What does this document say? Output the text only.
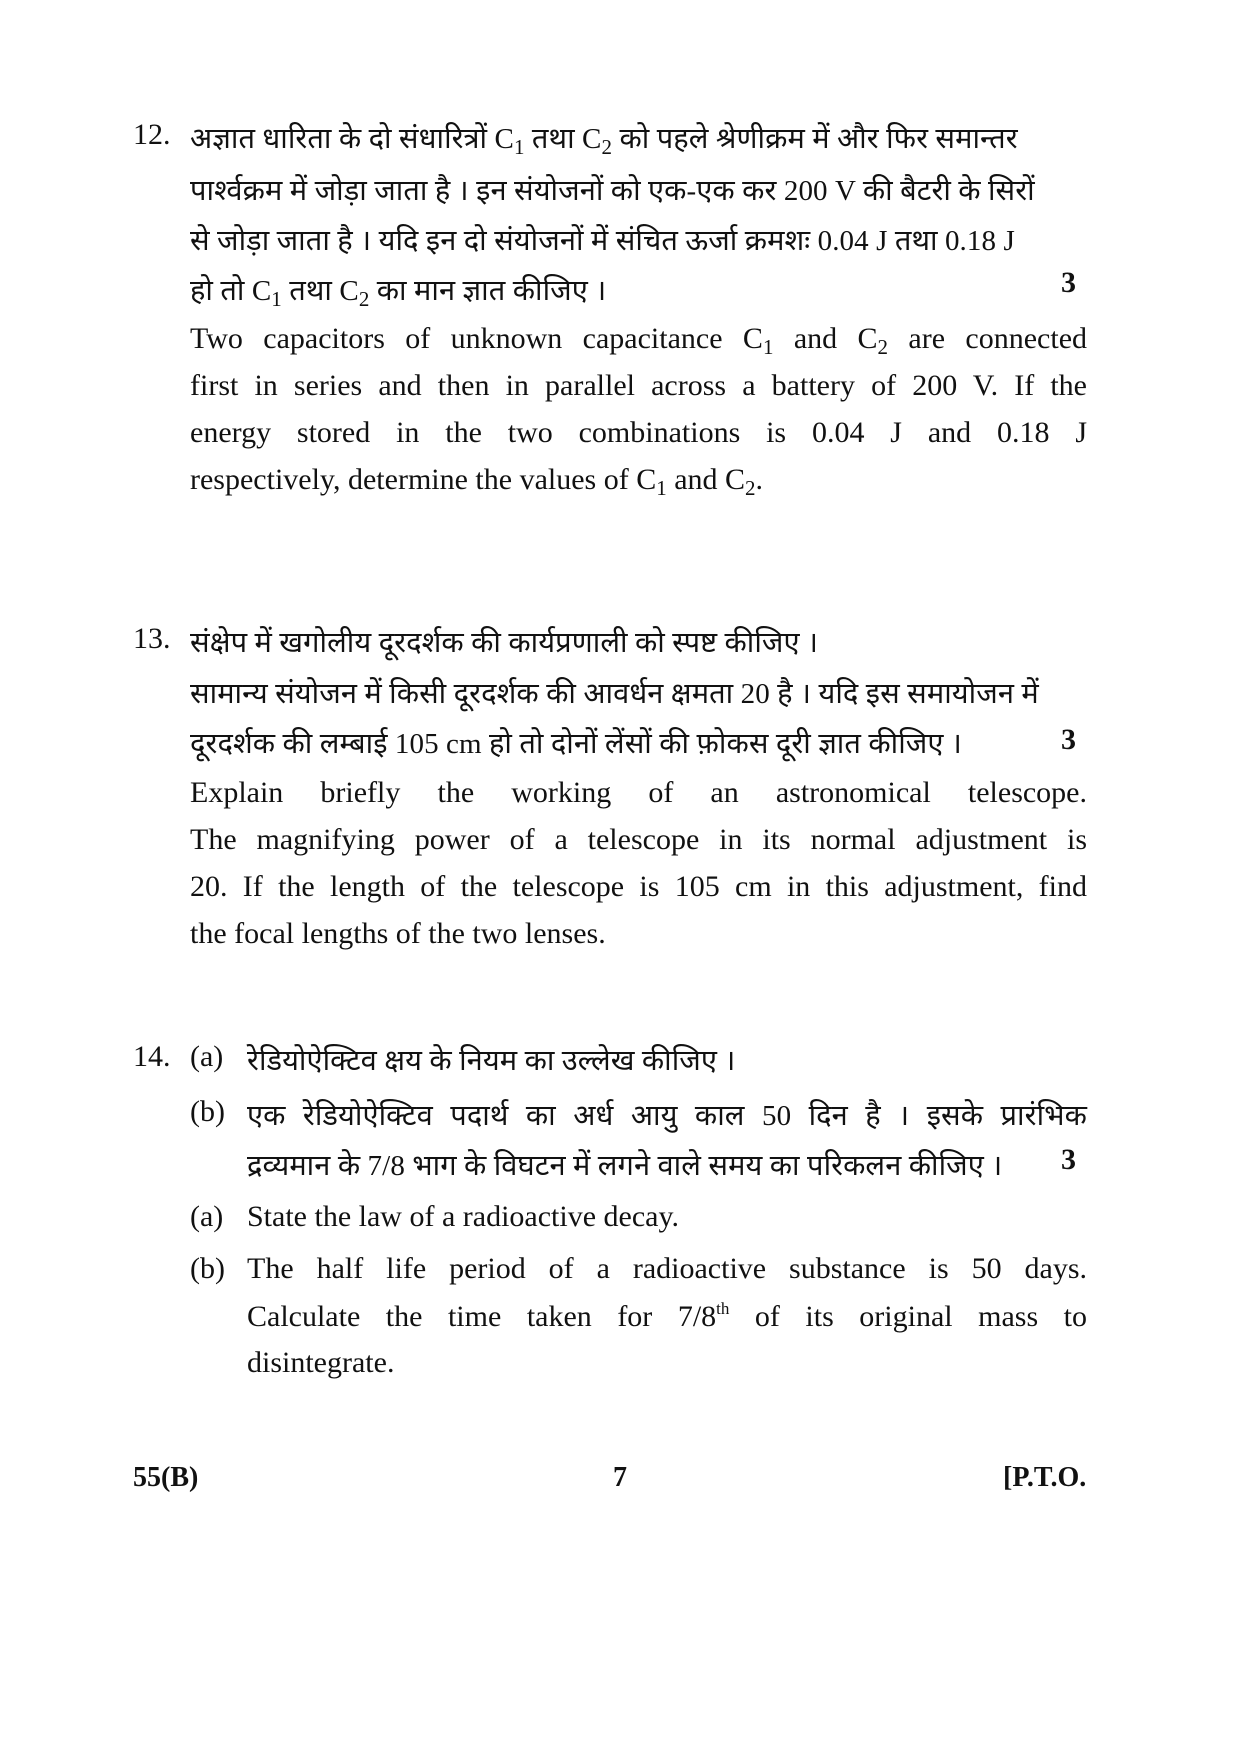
12. अज्ञात धारिता के दो संधारित्रों $C_1$ तथा $C_2$ को पहले श्रेणीक्रम में और फिर समान्तर
पार्श्वक्रम में जोड़ा जाता है । इन संयोजनों को एक-एक कर 200 V की बैटरी के सिरों
से जोड़ा जाता है । यदि इन दो संयोजनों में संचित ऊर्जा क्रमशः 0.04 J तथा 0.18 J
हो तो $C_1$ तथा $C_2$ का मान ज्ञात कीजिए ।	3
Two capacitors of unknown capacitance $C_1$ and $C_2$ are connected
first in series and then in parallel across a battery of 200 V. If the
energy stored in the two combinations is 0.04 J and 0.18 J
respectively, determine the values of $C_1$ and $C_2$.
13. संक्षेप में खगोलीय दूरदर्शक की कार्यप्रणाली को स्पष्ट कीजिए ।
सामान्य संयोजन में किसी दूरदर्शक की आवर्धन क्षमता 20 है । यदि इस समायोजन में
दूरदर्शक की लम्बाई 105 cm हो तो दोनों लेंसों की फ़ोकस दूरी ज्ञात कीजिए ।	3
Explain briefly the working of an astronomical telescope.
The magnifying power of a telescope in its normal adjustment is
20. If the length of the telescope is 105 cm in this adjustment, find
the focal lengths of the two lenses.
14. (a) रेडियोऐक्टिव क्षय के नियम का उल्लेख कीजिए ।
(b) एक रेडियोऐक्टिव पदार्थ का अर्ध आयु काल 50 दिन है । इसके प्रारंभिक
द्रव्यमान के 7/8 भाग के विघटन में लगने वाले समय का परिकलन कीजिए । 3
(a) State the law of a radioactive decay.
(b) The half life period of a radioactive substance is 50 days.
Calculate the time taken for 7/8th of its original mass to
disintegrate.
55(B)	7	[P.T.O.
